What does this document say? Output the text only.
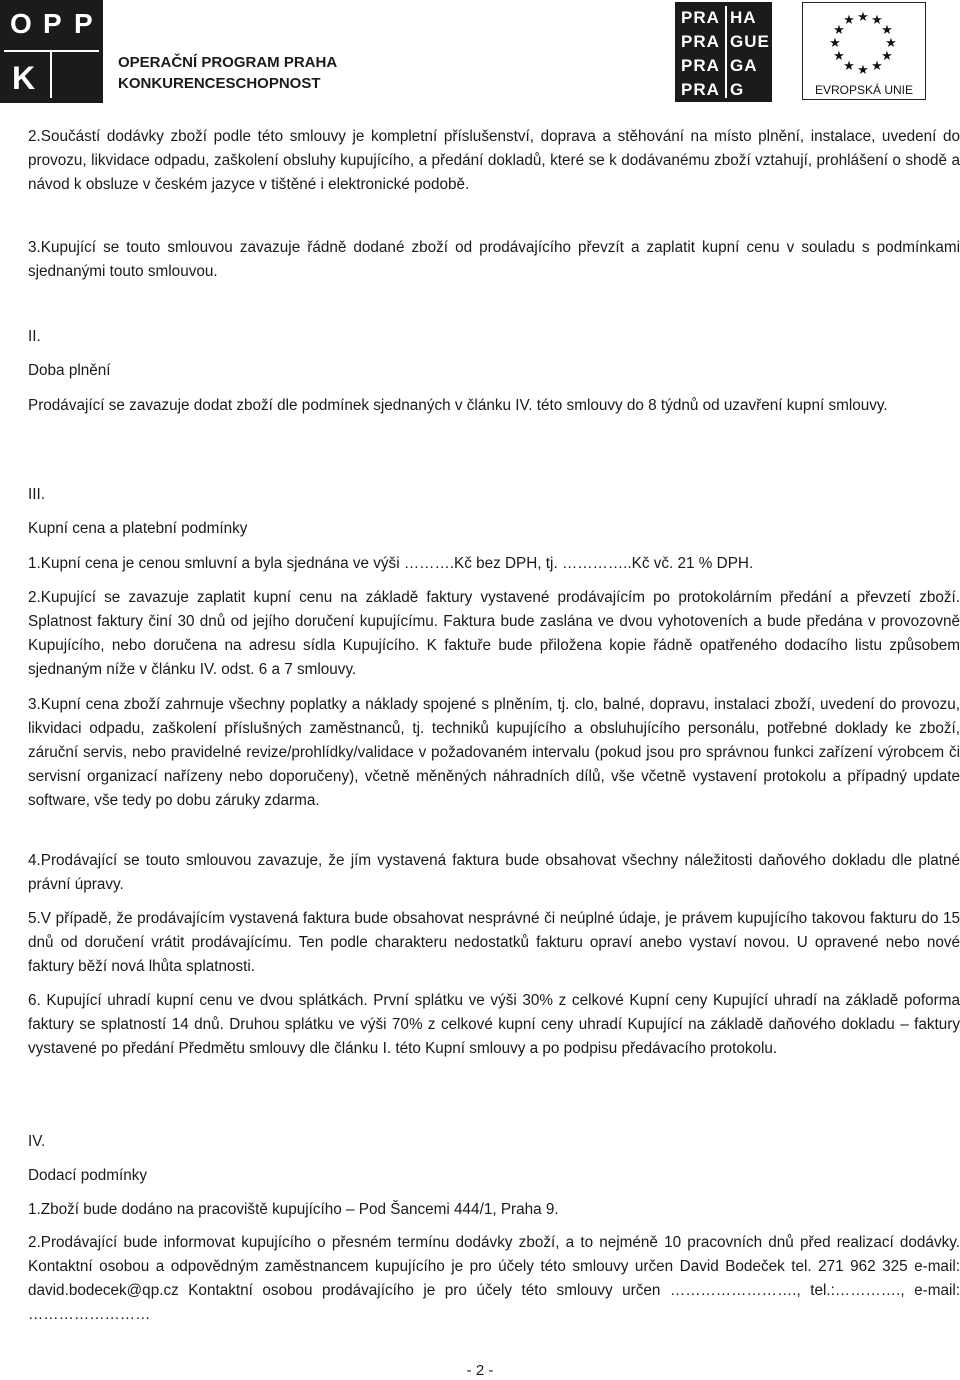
O P P
K	OPERAČNÍ PROGRAM PRAHA
KONKURENCESCHOPNOST
PRA
PRA
PRA
PRA
HA
GUE
GA
G
★ ★
★
★
★
★
★
★
★
★
★
★
EVROPSKÁ UNIE

2.Součástí dodávky zboží podle této smlouvy je kompletní příslušenství, doprava a stěhování na místo plnění, instalace, uvedení do provozu, likvidace odpadu, zaškolení obsluhy kupujícího, a předání dokladů, které se k dodávanému zboží vztahují, prohlášení o shodě a návod k obsluze v českém jazyce v tištěné i elektronické podobě.

3.Kupující se touto smlouvou zavazuje řádně dodané zboží od prodávajícího převzít a zaplatit kupní cenu v souladu s podmínkami sjednanými touto smlouvou.

II.

Doba plnění

Prodávající se zavazuje dodat zboží dle podmínek sjednaných v článku IV. této smlouvy do 8 týdnů od uzavření kupní smlouvy.

III.

Kupní cena a platební podmínky

1.Kupní cena je cenou smluvní a byla sjednána ve výši ……….Kč bez DPH, tj. …………..Kč vč. 21 % DPH.

2.Kupující se zavazuje zaplatit kupní cenu na základě faktury vystavené prodávajícím po protokolárním předání a převzetí zboží. Splatnost faktury činí 30 dnů od jejího doručení kupujícímu. Faktura bude zaslána ve dvou vyhotoveních a bude předána v provozovně Kupujícího, nebo doručena na adresu sídla Kupujícího. K faktuře bude přiložena kopie řádně opatřeného dodacího listu způsobem sjednaným níže v článku IV. odst. 6 a 7 smlouvy.

3.Kupní cena zboží zahrnuje všechny poplatky a náklady spojené s plněním, tj. clo, balné, dopravu, instalaci zboží, uvedení do provozu, likvidaci odpadu, zaškolení příslušných zaměstnanců, tj. techniků kupujícího a obsluhujícího personálu, potřebné doklady ke zboží, záruční servis, nebo pravidelné revize/prohlídky/validace v požadovaném intervalu (pokud jsou pro správnou funkci zařízení výrobcem či servisní organizací nařízeny nebo doporučeny), včetně měněných náhradních dílů, vše včetně vystavení protokolu a případný update software, vše tedy po dobu záruky zdarma.

4.Prodávající se touto smlouvou zavazuje, že jím vystavená faktura bude obsahovat všechny náležitosti daňového dokladu dle platné právní úpravy.

5.V případě, že prodávajícím vystavená faktura bude obsahovat nesprávné či neúplné údaje, je právem kupujícího takovou fakturu do 15 dnů od doručení vrátit prodávajícímu. Ten podle charakteru nedostatků fakturu opraví anebo vystaví novou. U opravené nebo nové faktury běží nová lhůta splatnosti.

6. Kupující uhradí kupní cenu ve dvou splátkách. První splátku ve výši 30% z celkové Kupní ceny Kupující uhradí na základě poforma faktury se splatností 14 dnů. Druhou splátku ve výši 70% z celkové kupní ceny uhradí Kupující na základě daňového dokladu – faktury vystavené po předání Předmětu smlouvy dle článku I. této Kupní smlouvy a po podpisu předávacího protokolu.

IV.

Dodací podmínky

1.Zboží bude dodáno na pracoviště kupujícího – Pod Šancemi 444/1, Praha 9.

2.Prodávající bude informovat kupujícího o přesném termínu dodávky zboží, a to nejméně 10 pracovních dnů před realizací dodávky. Kontaktní osobou a odpovědným zaměstnancem kupujícího je pro účely této smlouvy určen David Bodeček tel. 271 962 325 e-mail: david.bodecek@qp.cz Kontaktní osobou prodávajícího je pro účely této smlouvy určen ……………………., tel.:…………., e-mail: ……………………

- 2 -
